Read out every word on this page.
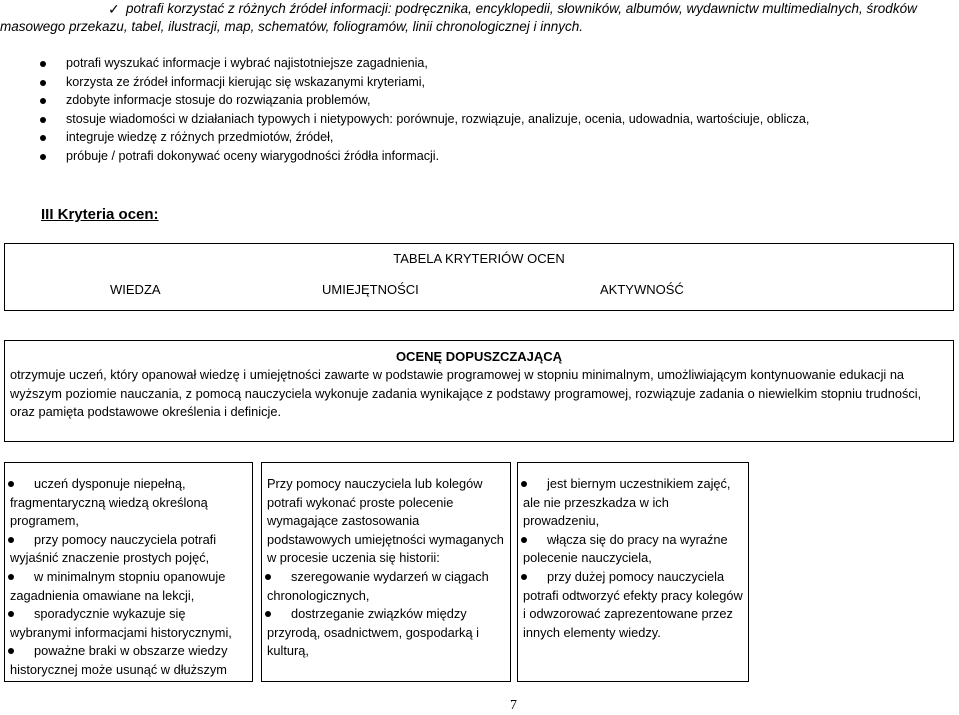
✓ potrafi korzystać z różnych źródeł informacji: podręcznika, encyklopedii, słowników, albumów, wydawnictw multimedialnych, środków
masowego przekazu, tabel, ilustracji, map, schematów, foliogramów, linii chronologicznej i innych.
potrafi wyszukać informacje i wybrać najistotniejsze zagadnienia,
korzysta ze źródeł informacji kierując się wskazanymi kryteriami,
zdobyte informacje stosuje do rozwiązania problemów,
stosuje wiadomości w działaniach typowych i nietypowych: porównuje, rozwiązuje, analizuje, ocenia, udowadnia, wartościuje, oblicza,
integruje wiedzę z różnych przedmiotów, źródeł,
próbuje / potrafi dokonywać oceny wiarygodności źródła informacji.
III Kryteria ocen:
TABELA KRYTERIÓW OCEN
WIEDZA	UMIEJĘTNOŚCI	AKTYWNOŚĆ
OCENĘ DOPUSZCZAJĄCĄ
otrzymuje uczeń, który opanował wiedzę i umiejętności zawarte w podstawie programowej w stopniu minimalnym, umożliwiającym kontynuowanie edukacji na wyższym poziomie nauczania, z pomocą nauczyciela wykonuje zadania wynikające z podstawy programowej, rozwiązuje zadania o niewielkim stopniu trudności, oraz pamięta podstawowe określenia i definicje.
uczeń dysponuje niepełną, fragmentaryczną wiedzą określoną programem,
przy pomocy nauczyciela potrafi wyjaśnić znaczenie prostych pojęć,
w minimalnym stopniu opanowuje zagadnienia omawiane na lekcji,
sporadycznie wykazuje się wybranymi informacjami historycznymi,
poważne braki w obszarze wiedzy historycznej może usunąć w dłuższym
Przy pomocy nauczyciela lub kolegów potrafi wykonać proste polecenie wymagające zastosowania podstawowych umiejętności wymaganych w procesie uczenia się historii:
szeregowanie wydarzeń w ciągach chronologicznych,
dostrzeganie związków między przyrodą, osadnictwem, gospodarką i kulturą,
jest biernym uczestnikiem zajęć, ale nie przeszkadza w ich prowadzeniu,
włącza się do pracy na wyraźne polecenie nauczyciela,
przy dużej pomocy nauczyciela potrafi odtworzyć efekty pracy kolegów i odwzorować zaprezentowane przez innych elementy wiedzy.
7
